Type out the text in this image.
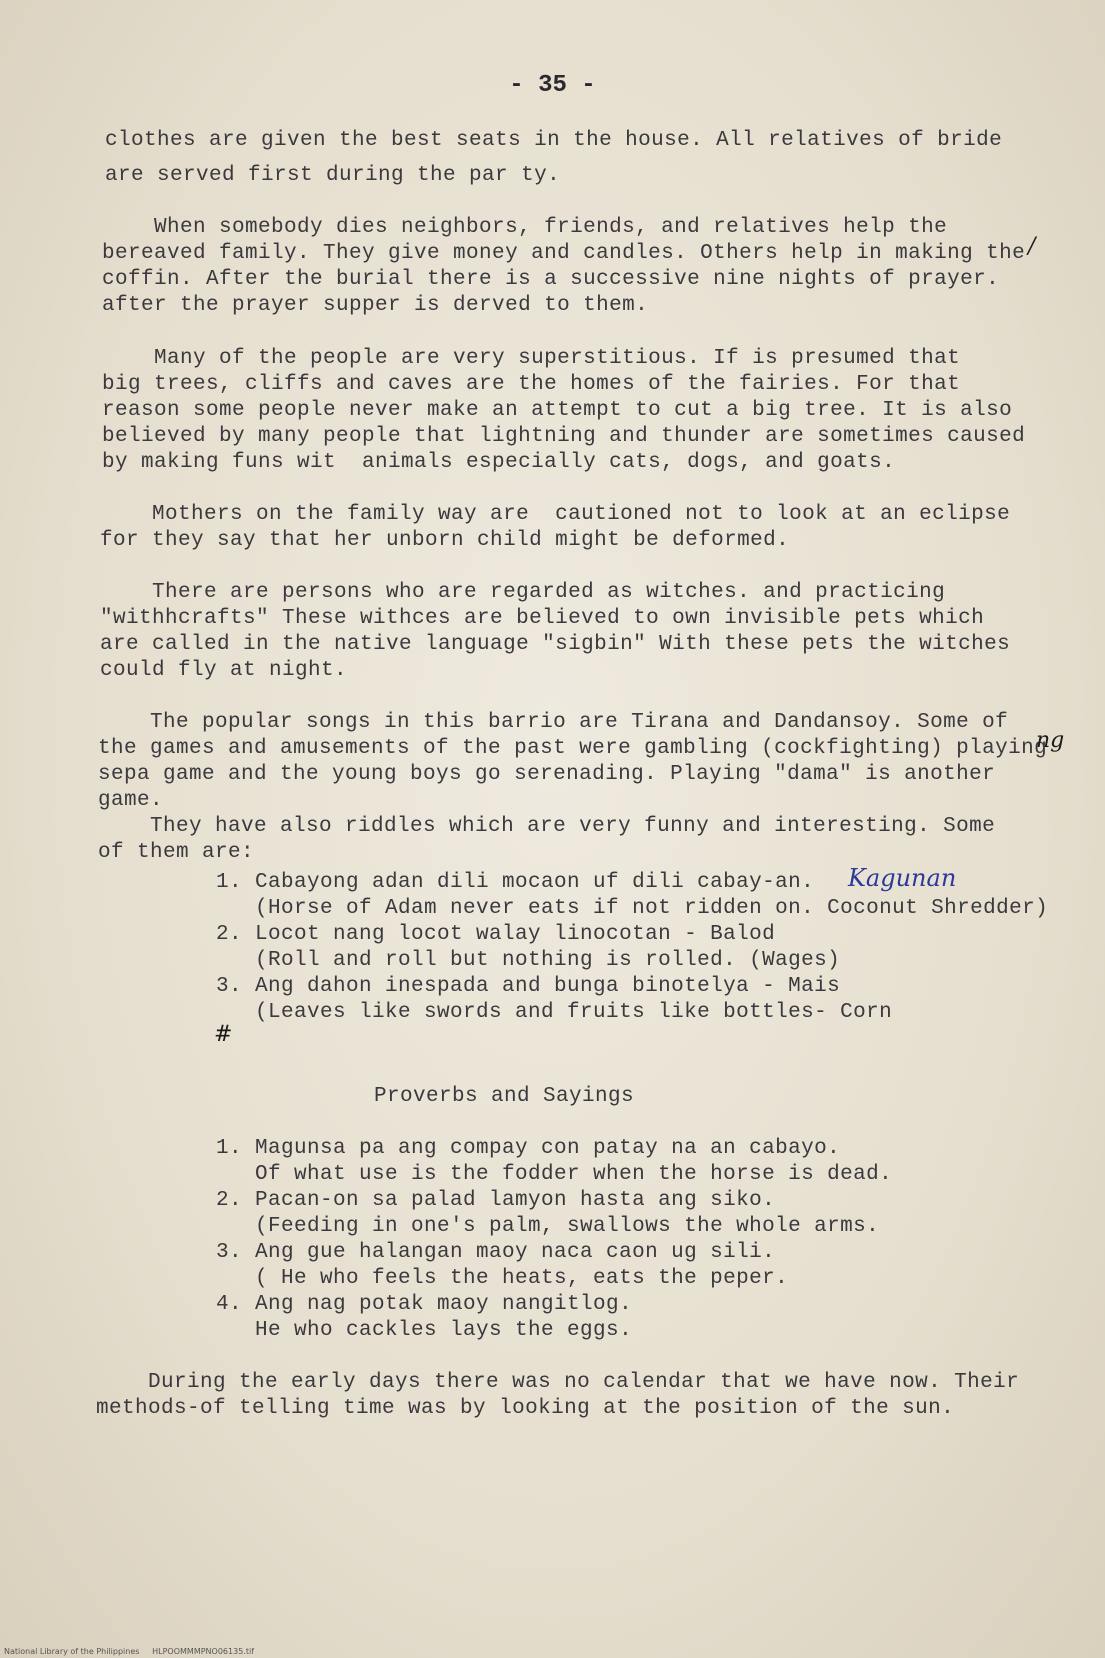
- 35 -
clothes are given the best seats in the house. All relatives of bride
are served first during the par ty.
When somebody dies neighbors, friends, and relatives help the
bereaved family. They give money and candles. Others help in making the
coffin. After the burial there is a successive nine nights of prayer.
after the prayer supper is derved to them.
Many of the people are very superstitious. If is presumed that
big trees, cliffs and caves are the homes of the fairies. For that
reason some people never make an attempt to cut a big tree. It is also
believed by many people that lightning and thunder are sometimes caused
by making funs wit  animals especially cats, dogs, and goats.
Mothers on the family way are  cautioned not to look at an eclipse
for they say that her unborn child might be deformed.
There are persons who are regarded as witches. and practicing
"withhcrafts" These withces are believed to own invisible pets which
are called in the native language "sigbin" With these pets the witches
could fly at night.
The popular songs in this barrio are Tirana and Dandansoy. Some of
the games and amusements of the past were gambling (cockfighting) playing
sepa game and the young boys go serenading. Playing "dama" is another
game.
They have also riddles which are very funny and interesting. Some
of them are:
1. Cabayong adan dili mocaon uf dili cabay-an.
(Horse of Adam never eats if not ridden on. Coconut Shredder)
2. Locot nang locot walay linocotan - Balod
(Roll and roll but nothing is rolled. (Wages)
3. Ang dahon inespada and bunga binotelya - Mais
(Leaves like swords and fruits like bottles- Corn
Proverbs and Sayings
1. Magunsa pa ang compay con patay na an cabayo.
Of what use is the fodder when the horse is dead.
2. Pacan-on sa palad lamyon hasta ang siko.
(Feeding in one's palm, swallows the whole arms.
3. Ang gue halangan maoy naca caon ug sili.
( He who feels the heats, eats the peper.
4. Ang nag potak maoy nangitlog.
He who cackles lays the eggs.
During the early days there was no calendar that we have now. Their
methods-of telling time was by looking at the position of the sun.
Kagunan
ng
/
#
National Library of the Philippines     HLPOOMMMPNO06135.tif
